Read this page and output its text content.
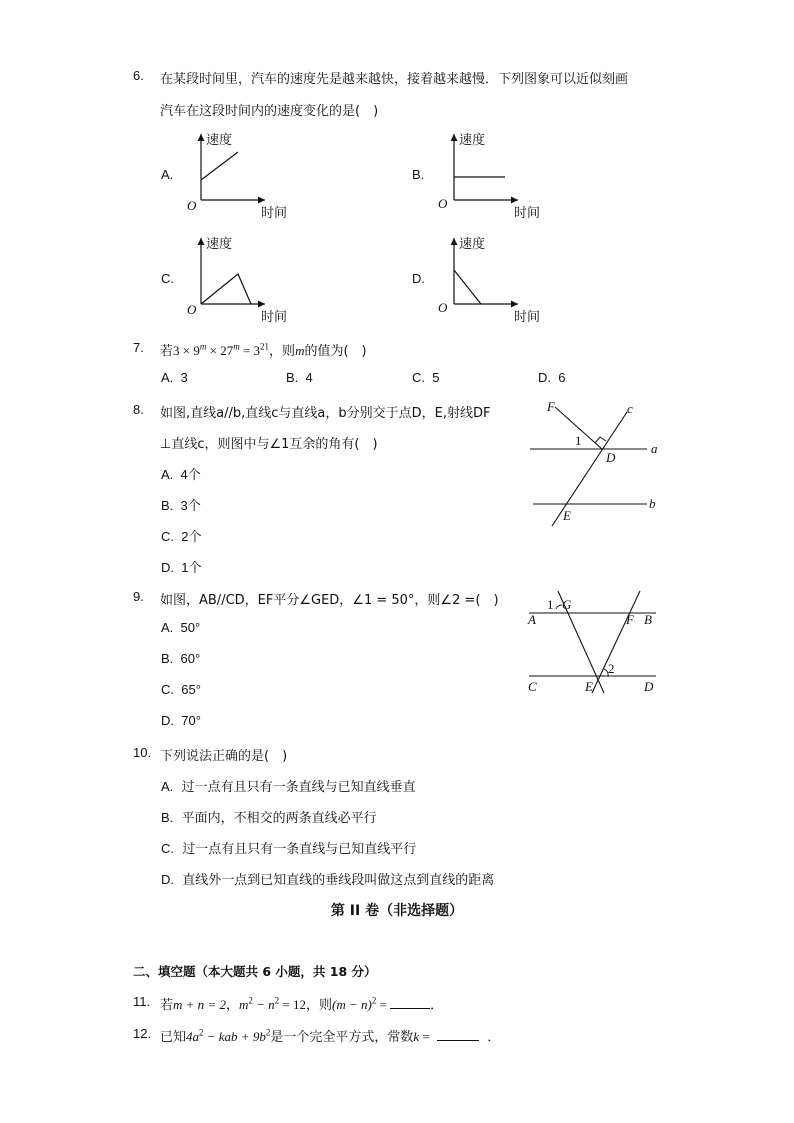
6. 在某段时间里，汽车的速度先是越来越快，接着越来越慢．下列图象可以近似刻画
汽车在这段时间内的速度变化的是(　)
A.
速度
O
时间
B.
速度
O
时间
C.
速度
O
时间
D.
速度
O
时间
7. 若$3 \times 9^m \times 27^m = 3^{21}$，则m的值为(　)
A. 3	B. 4	C. 5	D. 6
8. 如图,直线a//b,直线c与直线a，b分别交于点D，E,射线DF
⊥直线c，则图中与∠1互余的角有(　)
A. 4个
B. 3个
C. 2个
D. 1个
F	c
1
a
D
b
E
9. 如图，AB//CD，EF平分∠GED，∠1 = 50°，则∠2 =(　)
A. 50°
B. 60°
C. 65°
D. 70°
1 G
A	F B
2
C	E	D
10. 下列说法正确的是(　)
A. 过一点有且只有一条直线与已知直线垂直
B. 平面内，不相交的两条直线必平行
C. 过一点有且只有一条直线与已知直线平行
D. 直线外一点到已知直线的垂线段叫做这点到直线的距离
第 II 卷（非选择题）
二、填空题（本大题共 6 小题，共 18 分）
11. 若m + n = 2，$m^2 - n^2 = 12$，则$(m - n)^2$ =	．
12. 已知$4a^2$ − kab + $9b^2$是一个完全平方式，常数k =	．
